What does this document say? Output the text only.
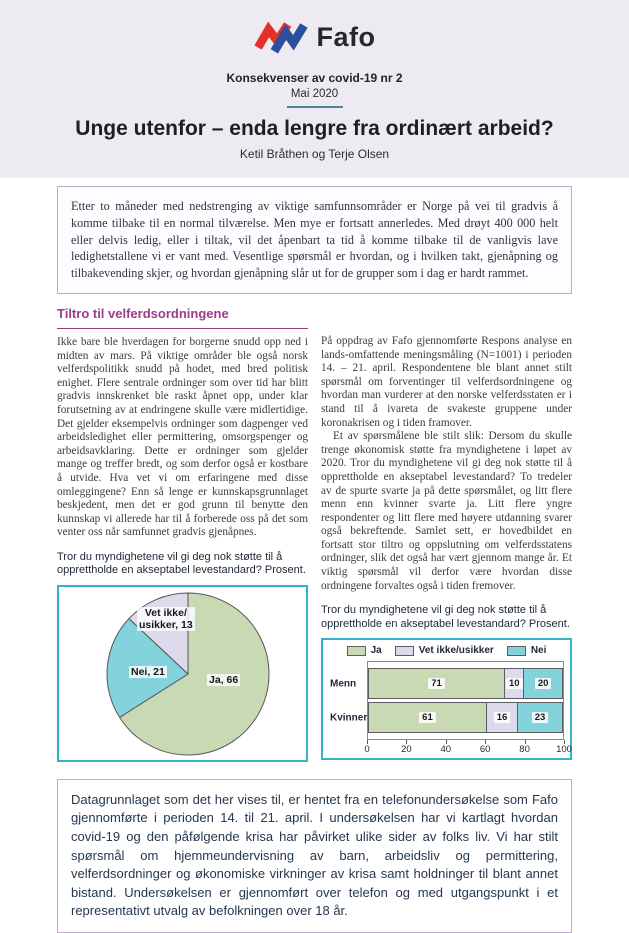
Fafo
Konsekvenser av covid-19 nr 2
Mai 2020
Unge utenfor – enda lengre fra ordinært arbeid?
Ketil Bråthen og Terje Olsen
Etter to måneder med nedstrenging av viktige samfunnsområder er Norge på vei til gradvis å komme tilbake til en normal tilværelse. Men mye er fortsatt annerledes. Med drøyt 400 000 helt eller delvis ledig, eller i tiltak, vil det åpenbart ta tid å komme tilbake til de vanligvis lave ledighetstallene vi er vant med. Vesentlige spørsmål er hvordan, og i hvilken takt, gjenåpning og tilbakevending skjer, og hvordan gjenåpning slår ut for de grupper som i dag er hardt rammet.
Tiltro til velferdsordningene

Ikke bare ble hverdagen for borgerne snudd opp ned i midten av mars. På viktige områder ble også norsk velferdspolitikk snudd på hodet, med bred politisk enighet. Flere sentrale ordninger som over tid har blitt gradvis innskrenket ble raskt åpnet opp, under klar forutsetning av at endringene skulle være midlertidige. Det gjelder eksempelvis ordninger som dagpenger ved arbeidsledighet eller permittering, omsorgspenger og arbeidsavklaring. Dette er ordninger som gjelder mange og treffer bredt, og som derfor også er kostbare å utvide. Hva vet vi om erfaringene med disse omleggingene? Enn så lenge er kunnskapsgrunnlaget beskjedent, men det er god grunn til benytte den kunnskap vi allerede har til å forberede oss på det som venter oss når samfunnet gradvis gjenåpnes.

Tror du myndighetene vil gi deg nok støtte til å opprettholde en akseptabel levestandard? Prosent.
Ja, 66
Nei, 21
Vet ikke/
usikker, 13

På oppdrag av Fafo gjennomførte Respons analyse en lands-omfattende meningsmåling (N=1001) i perioden 14. – 21. april. Respondentene ble blant annet stilt spørsmål om forventinger til velferdsordningene og hvordan man vurderer at den norske velferdsstaten er i stand til å ivareta de svakeste gruppene under koronakrisen og i tiden framover.

Et av spørsmålene ble stilt slik: Dersom du skulle trenge økonomisk støtte fra myndighetene i løpet av 2020. Tror du myndighetene vil gi deg nok støtte til å opprettholde en akseptabel levestandard? To tredeler av de spurte svarte ja på dette spørsmålet, og litt flere menn enn kvinner svarte ja. Litt flere yngre respondenter og litt flere med høyere utdanning svarer også bekreftende. Samlet sett, er hovedbildet en fortsatt stor tiltro og oppslutning om velferdsstatens ordninger, slik det også har vært gjennom mange år. Et viktig spørsmål vil derfor være hvordan disse ordningene forvaltes også i tiden fremover.

Tror du myndighetene vil gi deg nok støtte til å opprettholde en akseptabel levestandard? Prosent.
Ja	Vet ikke/usikker	Nei
Menn	71	10	20
Kvinner	61	16	23
0	20	40	60	80	100
Datagrunnlaget som det her vises til, er hentet fra en telefonundersøkelse som Fafo gjennomførte i perioden 14. til 21. april. I undersøkelsen har vi kartlagt hvordan covid-19 og den påfølgende krisa har påvirket ulike sider av folks liv. Vi har stilt spørsmål om hjemmeundervisning av barn, arbeidsliv og permittering, velferdsordninger og økonomiske virkninger av krisa samt holdninger til blant annet bistand. Undersøkelsen er gjennomført over telefon og med utgangspunkt i et representativt utvalg av befolkningen over 18 år.
